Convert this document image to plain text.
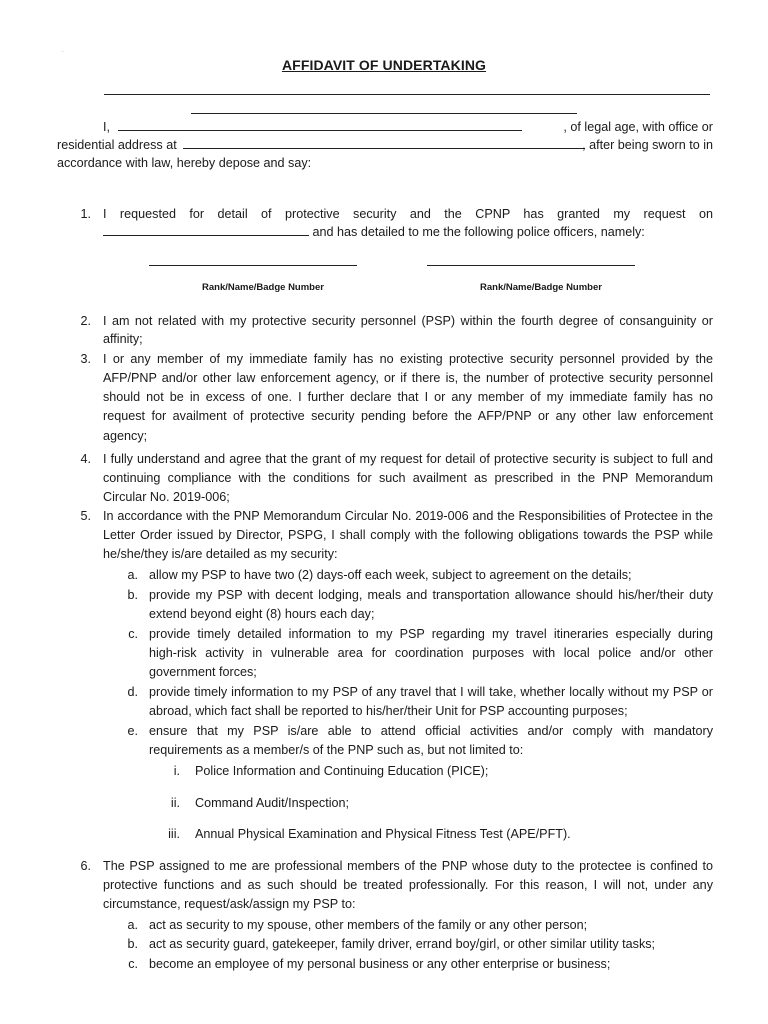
.
AFFIDAVIT OF UNDERTAKING
I,	, of legal age, with office or
residential address at	, after being sworn to in
accordance with law, hereby depose and say:
1. I requested for detail of protective security and the CPNP has granted my request on
and has detailed to me the following police officers, namely:
Rank/Name/Badge Number	Rank/Name/Badge Number
2. I am not related with my protective security personnel (PSP) within the fourth degree of consanguinity or
affinity;
3. I or any member of my immediate family has no existing protective security personnel provided by the
AFP/PNP and/or other law enforcement agency, or if there is, the number of protective security personnel
should not be in excess of one. I further declare that I or any member of my immediate family has no
request for availment of protective security pending before the AFP/PNP or any other law enforcement
agency;
4. I fully understand and agree that the grant of my request for detail of protective security is subject to full and
continuing compliance with the conditions for such availment as prescribed in the PNP Memorandum
Circular No. 2019-006;
5. In accordance with the PNP Memorandum Circular No. 2019-006 and the Responsibilities of Protectee in the
Letter Order issued by Director, PSPG, I shall comply with the following obligations towards the PSP while
he/she/they is/are detailed as my security:
a. allow my PSP to have two (2) days-off each week, subject to agreement on the details;
b. provide my PSP with decent lodging, meals and transportation allowance should his/her/their duty
extend beyond eight (8) hours each day;
c. provide timely detailed information to my PSP regarding my travel itineraries especially during
high-risk activity in vulnerable area for coordination purposes with local police and/or other
government forces;
d. provide timely information to my PSP of any travel that I will take, whether locally without my PSP or
abroad, which fact shall be reported to his/her/their Unit for PSP accounting purposes;
e. ensure that my PSP is/are able to attend official activities and/or comply with mandatory
requirements as a member/s of the PNP such as, but not limited to:
i. Police Information and Continuing Education (PICE);
ii. Command Audit/Inspection;
iii. Annual Physical Examination and Physical Fitness Test (APE/PFT).
6. The PSP assigned to me are professional members of the PNP whose duty to the protectee is confined to
protective functions and as such should be treated professionally. For this reason, I will not, under any
circumstance, request/ask/assign my PSP to:
a. act as security to my spouse, other members of the family or any other person;
b. act as security guard, gatekeeper, family driver, errand boy/girl, or other similar utility tasks;
c. become an employee of my personal business or any other enterprise or business;
